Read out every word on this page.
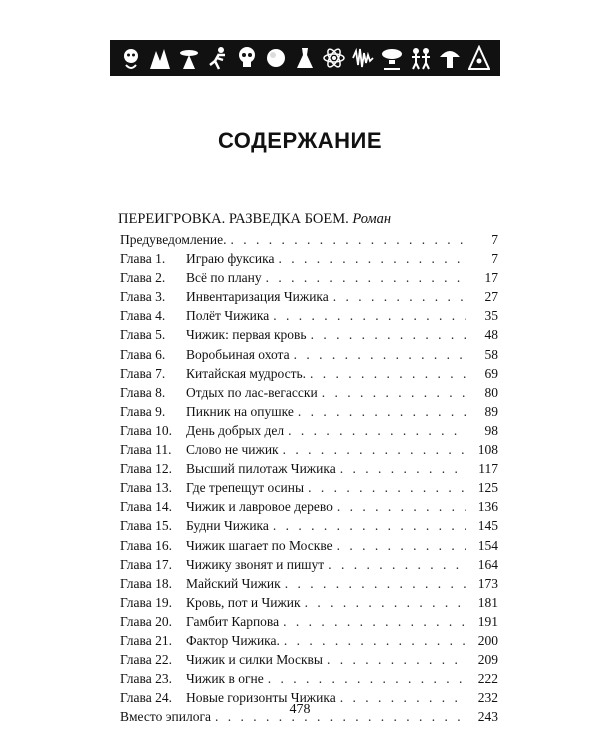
СОДЕРЖАНИЕ
ПЕРЕИГРОВКА. РАЗВЕДКА БОЕМ. Роман
Предуведомление. . . .	7
Глава 1.	Играю фуксика . . .	7
Глава 2.	Всё по плану . . .	17
Глава 3.	Инвентаризация Чижика . . .	27
Глава 4.	Полёт Чижика . . .	35
Глава 5.	Чижик: первая кровь . . .	48
Глава 6.	Воробьиная охота . . .	58
Глава 7.	Китайская мудрость. . . .	69
Глава 8.	Отдых по лас-вегасски . . .	80
Глава 9.	Пикник на опушке . . .	89
Глава 10.	День добрых дел . . .	98
Глава 11.	Слово не чижик . . .	108
Глава 12.	Высший пилотаж Чижика . . .	117
Глава 13.	Где трепещут осины . . .	125
Глава 14.	Чижик и лавровое дерево . . .	136
Глава 15.	Будни Чижика . . .	145
Глава 16.	Чижик шагает по Москве . . .	154
Глава 17.	Чижику звонят и пишут . . .	164
Глава 18.	Майский Чижик . . .	173
Глава 19.	Кровь, пот и Чижик . . .	181
Глава 20.	Гамбит Карпова . . .	191
Глава 21.	Фактор Чижика. . . .	200
Глава 22.	Чижик и силки Москвы . . .	209
Глава 23.	Чижик в огне . . .	222
Глава 24.	Новые горизонты Чижика . . .	232
Вместо эпилога . . .	243
478
